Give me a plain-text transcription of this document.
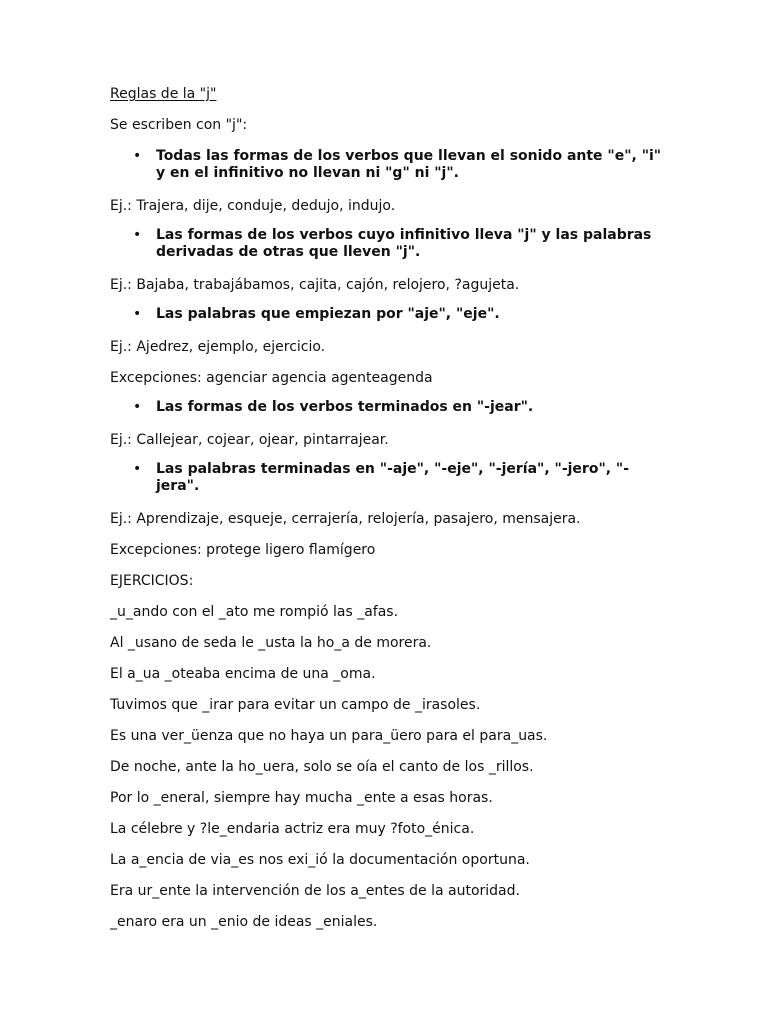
Reglas de la "j"

Se escriben con "j":

• Todas las formas de los verbos que llevan el sonido ante "e", "i" y en el infinitivo no llevan ni "g" ni "j".

Ej.: Trajera, dije, conduje, dedujo, indujo.

• Las formas de los verbos cuyo infinitivo lleva "j" y las palabras derivadas de otras que lleven "j".

Ej.: Bajaba, trabajábamos, cajita, cajón, relojero, ?agujeta.

• Las palabras que empiezan por "aje", "eje".

Ej.: Ajedrez, ejemplo, ejercicio.

Excepciones: agenciar agencia agenteagenda

• Las formas de los verbos terminados en "-jear".

Ej.: Callejear, cojear, ojear, pintarrajear.

• Las palabras terminadas en "-aje", "-eje", "-jería", "-jero", "-jera".

Ej.: Aprendizaje, esqueje, cerrajería, relojería, pasajero, mensajera.

Excepciones: protege ligero flamígero

EJERCICIOS:

_u_ando con el _ato me rompió las _afas.

Al _usano de seda le _usta la ho_a de morera.

El a_ua _oteaba encima de una _oma.

Tuvimos que _irar para evitar un campo de _irasoles.

Es una ver_üenza que no haya un para_üero para el para_uas.

De noche, ante la ho_uera, solo se oía el canto de los _rillos.

Por lo _eneral, siempre hay mucha _ente a esas horas.

La célebre y ?le_endaria actriz era muy ?foto_énica.

La a_encia de via_es nos exi_ió la documentación oportuna.

Era ur_ente la intervención de los a_entes de la autoridad.

_enaro era un _enio de ideas _eniales.
